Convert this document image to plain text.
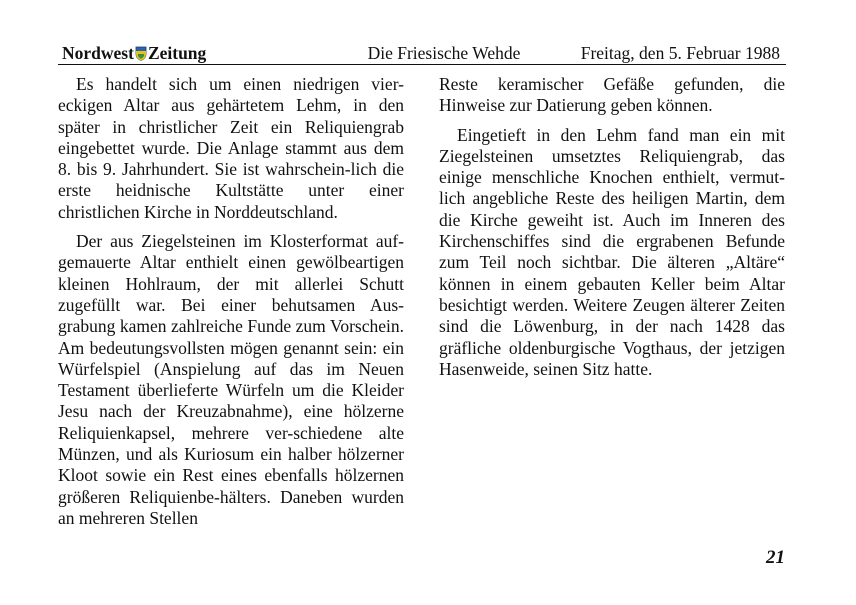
Nordwest Zeitung	Die Friesische Wehde	Freitag, den 5. Februar 1988

Es handelt sich um einen niedrigen vier-eckigen Altar aus gehärtetem Lehm, in den später in christlicher Zeit ein Reliquiengrab eingebettet wurde. Die Anlage stammt aus dem 8. bis 9. Jahrhundert. Sie ist wahrschein-lich die erste heidnische Kultstätte unter einer christlichen Kirche in Norddeutschland.

Der aus Ziegelsteinen im Klosterformat auf-gemauerte Altar enthielt einen gewölbeartigen kleinen Hohlraum, der mit allerlei Schutt zugefüllt war. Bei einer behutsamen Aus-grabung kamen zahlreiche Funde zum Vorschein. Am bedeutungsvollsten mögen genannt sein: ein Würfelspiel (Anspielung auf das im Neuen Testament überlieferte Würfeln um die Kleider Jesu nach der Kreuzabnahme), eine hölzerne Reliquienkapsel, mehrere ver-schiedene alte Münzen, und als Kuriosum ein halber hölzerner Kloot sowie ein Rest eines ebenfalls hölzernen größeren Reliquienbe-hälters. Daneben wurden an mehreren Stellen

Reste keramischer Gefäße gefunden, die Hinweise zur Datierung geben können.

Eingetieft in den Lehm fand man ein mit Ziegelsteinen umsetztes Reliquiengrab, das einige menschliche Knochen enthielt, vermut-lich angebliche Reste des heiligen Martin, dem die Kirche geweiht ist. Auch im Inneren des Kirchenschiffes sind die ergrabenen Befunde zum Teil noch sichtbar. Die älteren „Altäre“ können in einem gebauten Keller beim Altar besichtigt werden. Weitere Zeugen älterer Zeiten sind die Löwenburg, in der nach 1428 das gräfliche oldenburgische Vogthaus, der jetzigen Hasenweide, seinen Sitz hatte.

21
